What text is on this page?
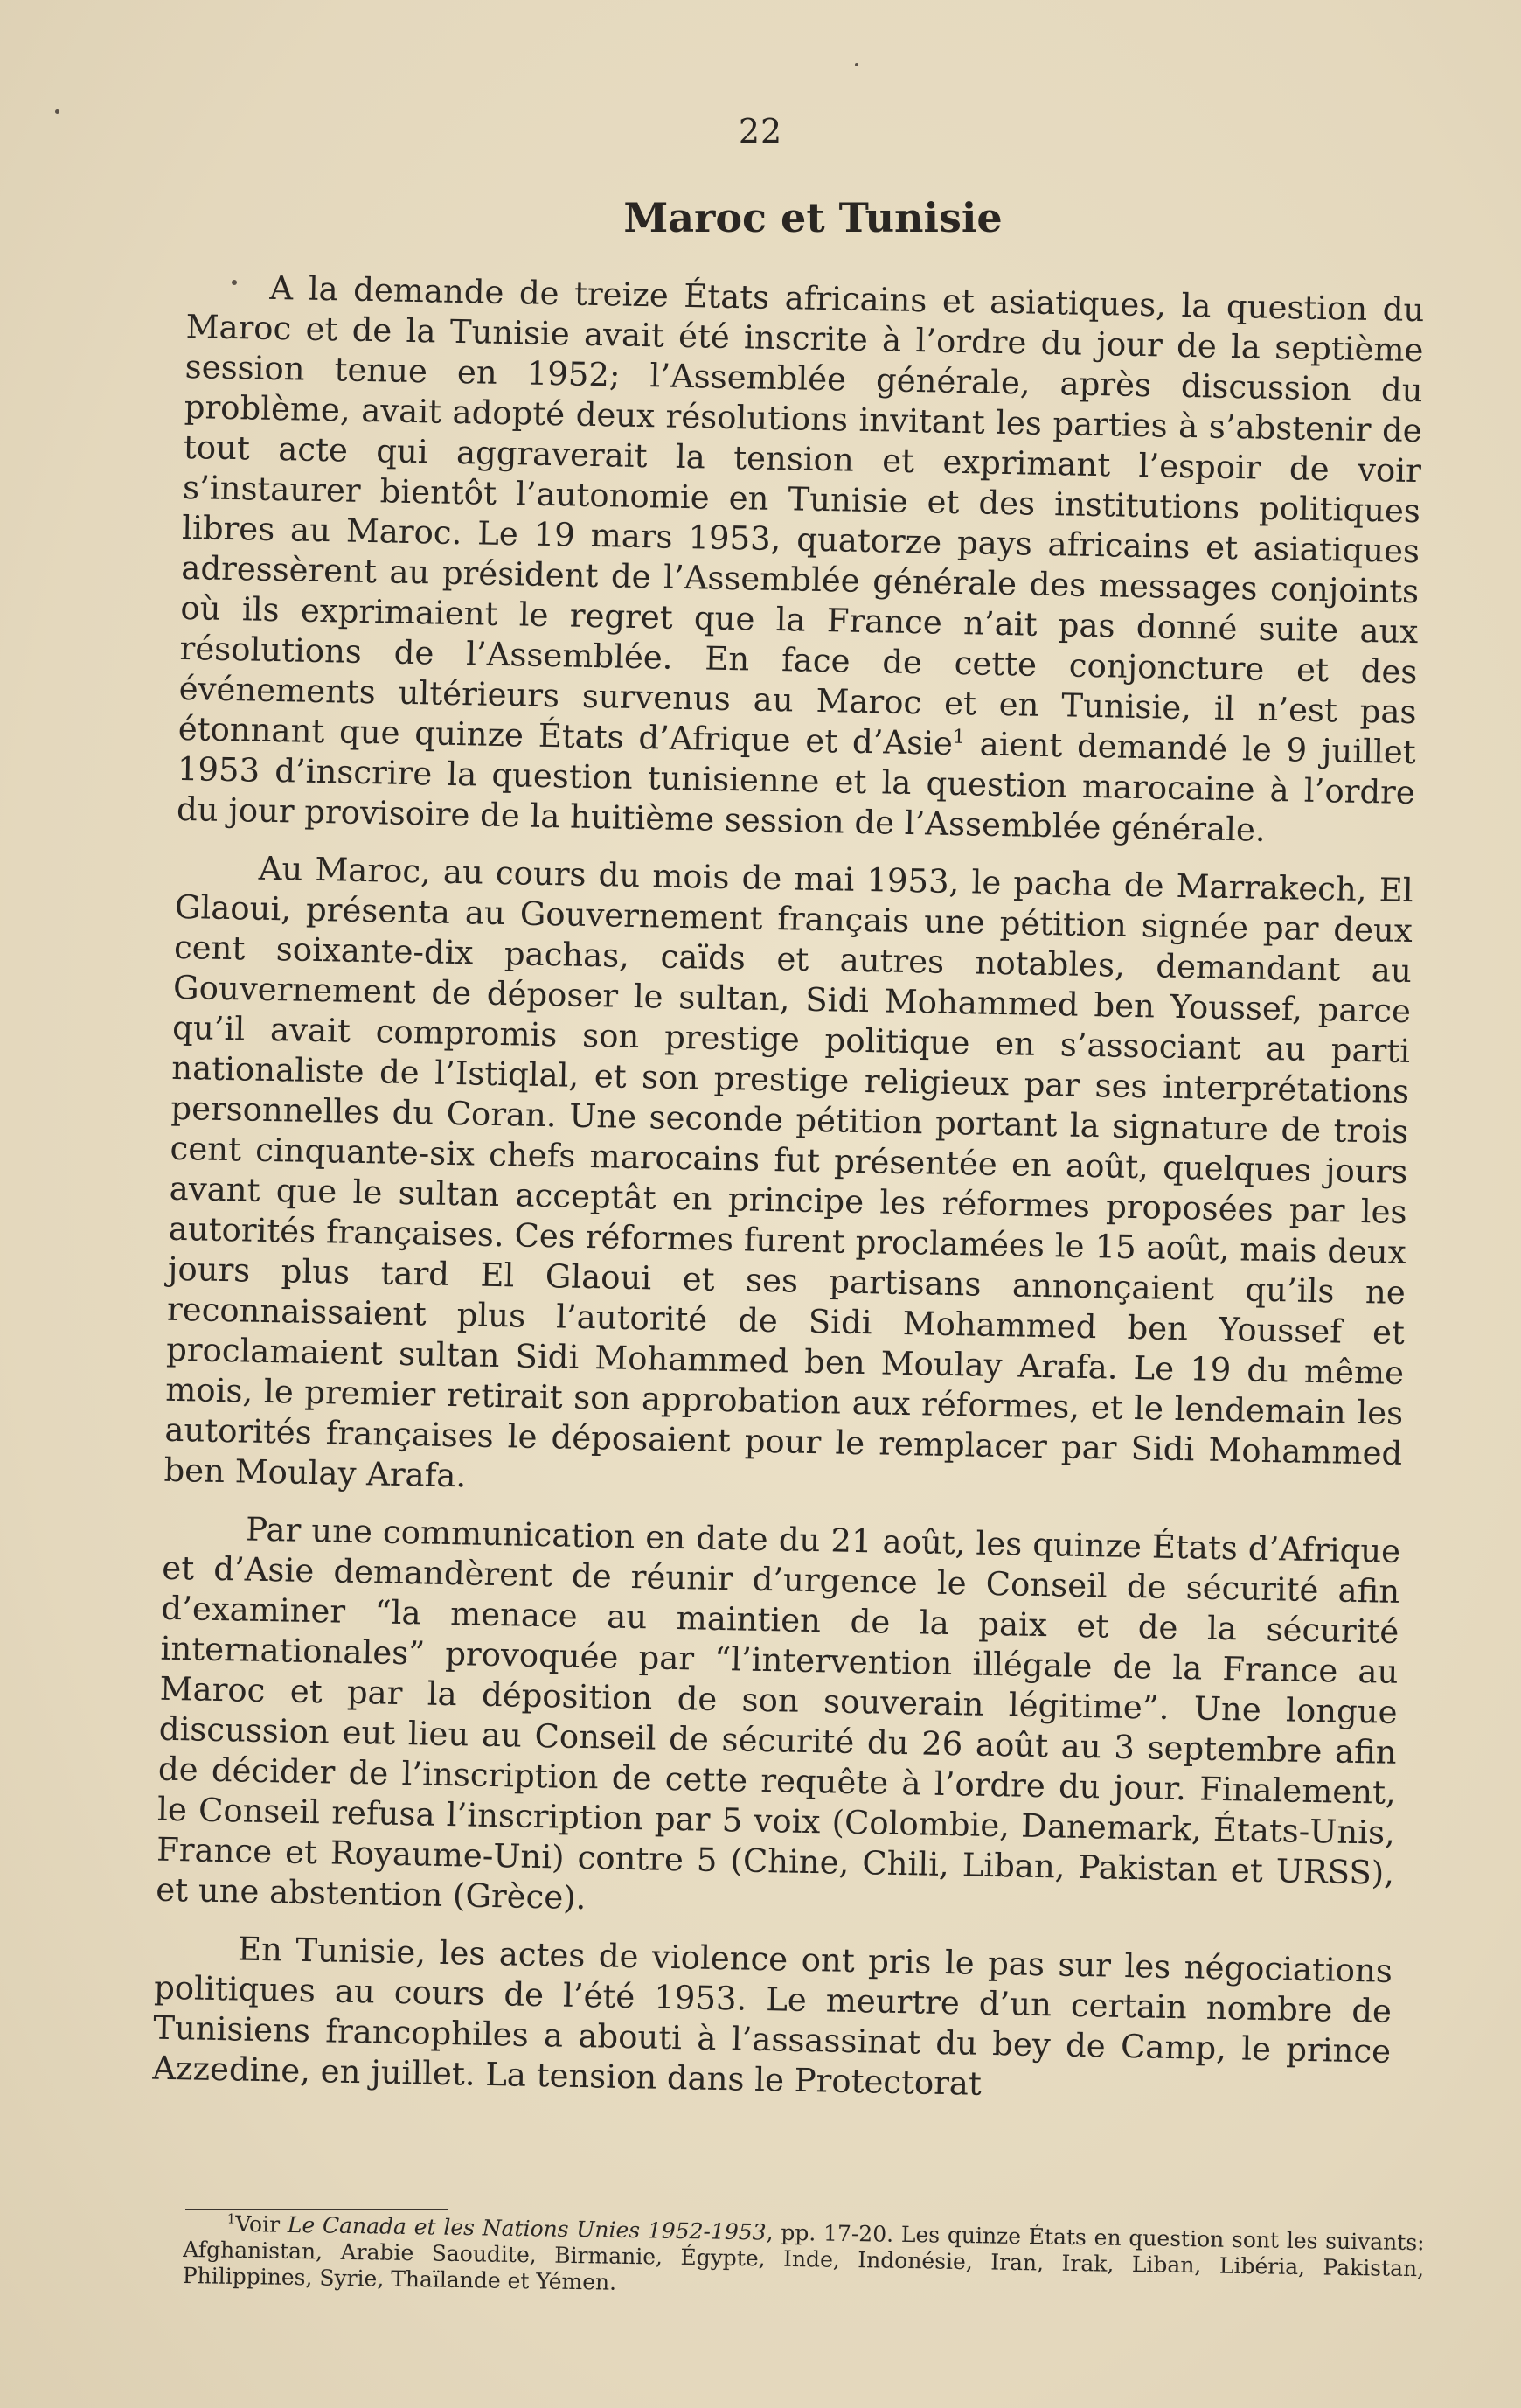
22
Maroc et Tunisie

A la demande de treize États africains et asiatiques, la question du Maroc et de la Tunisie avait été inscrite à l’ordre du jour de la septième session tenue en 1952; l’Assemblée générale, après discussion du problème, avait adopté deux résolutions invitant les parties à s’abstenir de tout acte qui aggraverait la tension et exprimant l’espoir de voir s’instaurer bientôt l’autonomie en Tunisie et des institutions politiques libres au Maroc. Le 19 mars 1953, quatorze pays africains et asiatiques adressèrent au président de l’Assemblée générale des messages conjoints où ils exprimaient le regret que la France n’ait pas donné suite aux résolutions de l’Assemblée. En face de cette conjoncture et des événements ultérieurs survenus au Maroc et en Tunisie, il n’est pas étonnant que quinze États d’Afrique et d’Asie$^1$ aient demandé le 9 juillet 1953 d’inscrire la question tunisienne et la question marocaine à l’ordre du jour provisoire de la huitième session de l’Assemblée générale.

Au Maroc, au cours du mois de mai 1953, le pacha de Marrakech, El Glaoui, présenta au Gouvernement français une pétition signée par deux cent soixante-dix pachas, caïds et autres notables, demandant au Gouvernement de déposer le sultan, Sidi Mohammed ben Youssef, parce qu’il avait compromis son prestige politique en s’associant au parti nationaliste de l’Istiqlal, et son prestige religieux par ses interprétations personnelles du Coran. Une seconde pétition portant la signature de trois cent cinquante-six chefs marocains fut présentée en août, quelques jours avant que le sultan acceptât en principe les réformes proposées par les autorités françaises. Ces réformes furent proclamées le 15 août, mais deux jours plus tard El Glaoui et ses partisans annonçaient qu’ils ne reconnaissaient plus l’autorité de Sidi Mohammed ben Youssef et proclamaient sultan Sidi Mohammed ben Moulay Arafa. Le 19 du même mois, le premier retirait son approbation aux réformes, et le lendemain les autorités françaises le déposaient pour le remplacer par Sidi Mohammed ben Moulay Arafa.

Par une communication en date du 21 août, les quinze États d’Afrique et d’Asie demandèrent de réunir d’urgence le Conseil de sécurité afin d’examiner “la menace au maintien de la paix et de la sécurité internationales” provoquée par “l’intervention illégale de la France au Maroc et par la déposition de son souverain légitime”. Une longue discussion eut lieu au Conseil de sécurité du 26 août au 3 septembre afin de décider de l’inscription de cette requête à l’ordre du jour. Finalement, le Conseil refusa l’inscription par 5 voix (Colombie, Danemark, États-Unis, France et Royaume-Uni) contre 5 (Chine, Chili, Liban, Pakistan et URSS), et une abstention (Grèce).

En Tunisie, les actes de violence ont pris le pas sur les négociations politiques au cours de l’été 1953. Le meurtre d’un certain nombre de Tunisiens francophiles a abouti à l’assassinat du bey de Camp, le prince Azzedine, en juillet. La tension dans le Protectorat

$^1$Voir Le Canada et les Nations Unies 1952-1953, pp. 17-20. Les quinze États en question sont les suivants: Afghanistan, Arabie Saoudite, Birmanie, Égypte, Inde, Indonésie, Iran, Irak, Liban, Libéria, Pakistan, Philippines, Syrie, Thaïlande et Yémen.
